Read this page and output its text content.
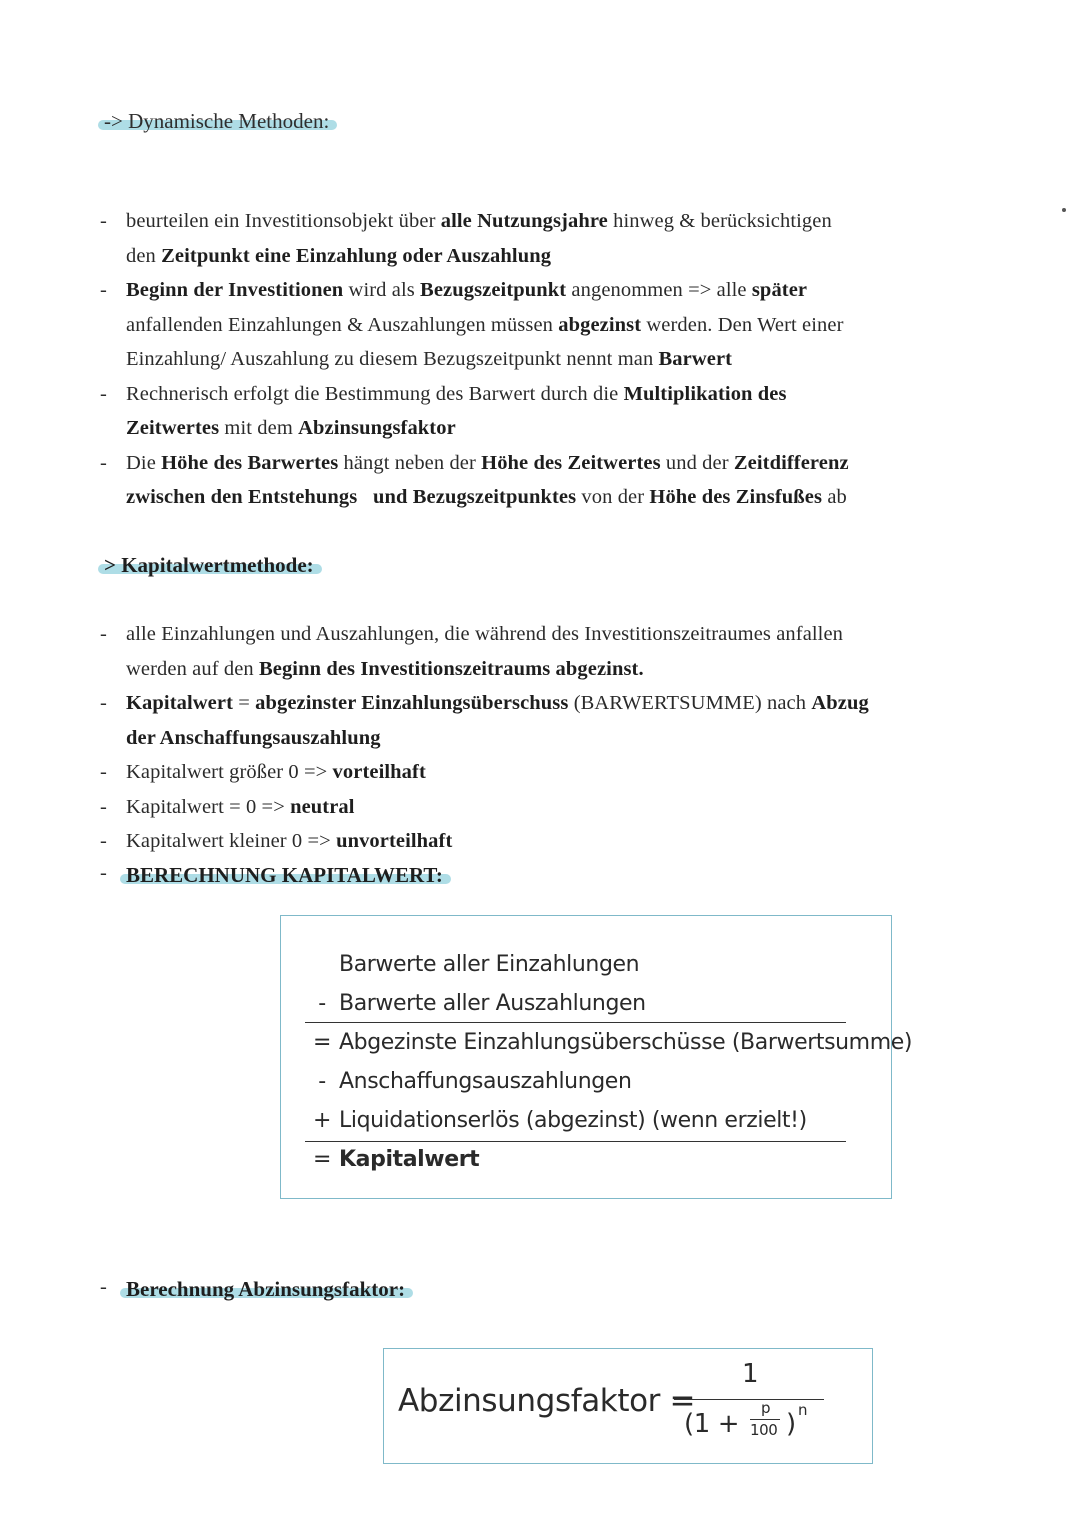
-> Dynamische Methoden:
- beurteilen ein Investitionsobjekt über alle Nutzungsjahre hinweg & berücksichtigen
den Zeitpunkt eine Einzahlung oder Auszahlung
- Beginn der Investitionen wird als Bezugszeitpunkt angenommen => alle später
anfallenden Einzahlungen & Auszahlungen müssen abgezinst werden. Den Wert einer
Einzahlung/ Auszahlung zu diesem Bezugszeitpunkt nennt man Barwert
- Rechnerisch erfolgt die Bestimmung des Barwert durch die Multiplikation des
Zeitwertes mit dem Abzinsungsfaktor
- Die Höhe des Barwertes hängt neben der Höhe des Zeitwertes und der Zeitdifferenz
zwischen den Entstehungs   und Bezugszeitpunktes von der Höhe des Zinsfußes ab
> Kapitalwertmethode:
- alle Einzahlungen und Auszahlungen, die während des Investitionszeitraumes anfallen
werden auf den Beginn des Investitionszeitraums abgezinst.
- Kapitalwert = abgezinster Einzahlungsüberschuss (BARWERTSUMME) nach Abzug
der Anschaffungsauszahlung
- Kapitalwert größer 0 => vorteilhaft
- Kapitalwert = 0 => neutral
- Kapitalwert kleiner 0 => unvorteilhaft
- BERECHNUNG KAPITALWERT:
Barwerte aller Einzahlungen
- Barwerte aller Auszahlungen
= Abgezinste Einzahlungsüberschüsse (Barwertsumme)
- Anschaffungsauszahlungen
+ Liquidationserlös (abgezinst) (wenn erzielt!)
= Kapitalwert
- Berechnung Abzinsungsfaktor:
Abzinsungsfaktor =
1
(1 +
p
100 ) n
